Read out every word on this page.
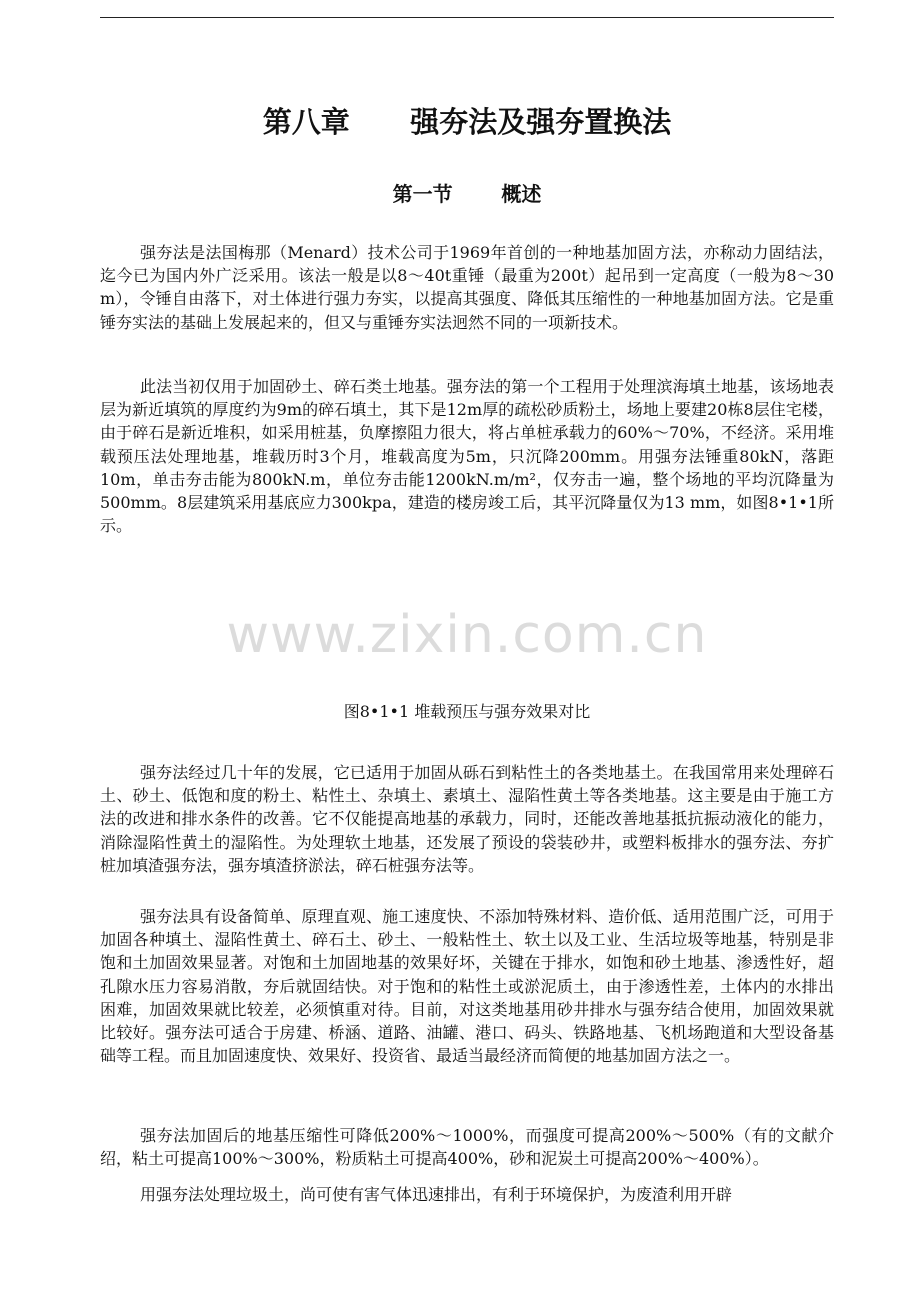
第八章      强夯法及强夯置换法
第一节       概述

强夯法是法国梅那（Menard）技术公司于1969年首创的一种地基加固方法，亦称动力固结法，迄今已为国内外广泛采用。该法一般是以8～40t重锤（最重为200t）起吊到一定高度（一般为8～30 m），令锤自由落下，对土体进行强力夯实，以提高其强度、降低其压缩性的一种地基加固方法。它是重锤夯实法的基础上发展起来的，但又与重锤夯实法迥然不同的一项新技术。

此法当初仅用于加固砂土、碎石类土地基。强夯法的第一个工程用于处理滨海填土地基，该场地表层为新近填筑的厚度约为9m的碎石填土，其下是12m厚的疏松砂质粉土，场地上要建20栋8层住宅楼，由于碎石是新近堆积，如采用桩基，负摩擦阻力很大，将占单桩承载力的60%～70%，不经济。采用堆载预压法处理地基，堆载历时3个月，堆载高度为5m，只沉降200mm。用强夯法锤重80kN，落距10m，单击夯击能为800kN.m，单位夯击能1200kN.m/m²，仅夯击一遍，整个场地的平均沉降量为500mm。8层建筑采用基底应力300kpa，建造的楼房竣工后，其平沉降量仅为13 mm，如图8•1•1所示。

www.zixin.com.cn

图8•1•1 堆载预压与强夯效果对比

强夯法经过几十年的发展，它已适用于加固从砾石到粘性土的各类地基土。在我国常用来处理碎石土、砂土、低饱和度的粉土、粘性土、杂填土、素填土、湿陷性黄土等各类地基。这主要是由于施工方法的改进和排水条件的改善。它不仅能提高地基的承载力，同时，还能改善地基抵抗振动液化的能力，消除湿陷性黄土的湿陷性。为处理软土地基，还发展了预设的袋装砂井，或塑料板排水的强夯法、夯扩桩加填渣强夯法，强夯填渣挤淤法，碎石桩强夯法等。

强夯法具有设备简单、原理直观、施工速度快、不添加特殊材料、造价低、适用范围广泛，可用于加固各种填土、湿陷性黄土、碎石土、砂土、一般粘性土、软土以及工业、生活垃圾等地基，特别是非饱和土加固效果显著。对饱和土加固地基的效果好坏，关键在于排水，如饱和砂土地基、渗透性好，超孔隙水压力容易消散，夯后就固结快。对于饱和的粘性土或淤泥质土，由于渗透性差，土体内的水排出困难，加固效果就比较差，必须慎重对待。目前，对这类地基用砂井排水与强夯结合使用，加固效果就比较好。强夯法可适合于房建、桥涵、道路、油罐、港口、码头、铁路地基、飞机场跑道和大型设备基础等工程。而且加固速度快、效果好、投资省、最适当最经济而简便的地基加固方法之一。

强夯法加固后的地基压缩性可降低200%～1000%，而强度可提高200%～500%（有的文献介绍，粘土可提高100%～300%，粉质粘土可提高400%，砂和泥炭土可提高200%～400%）。

用强夯法处理垃圾土，尚可使有害气体迅速排出，有利于环境保护，为废渣利用开辟
